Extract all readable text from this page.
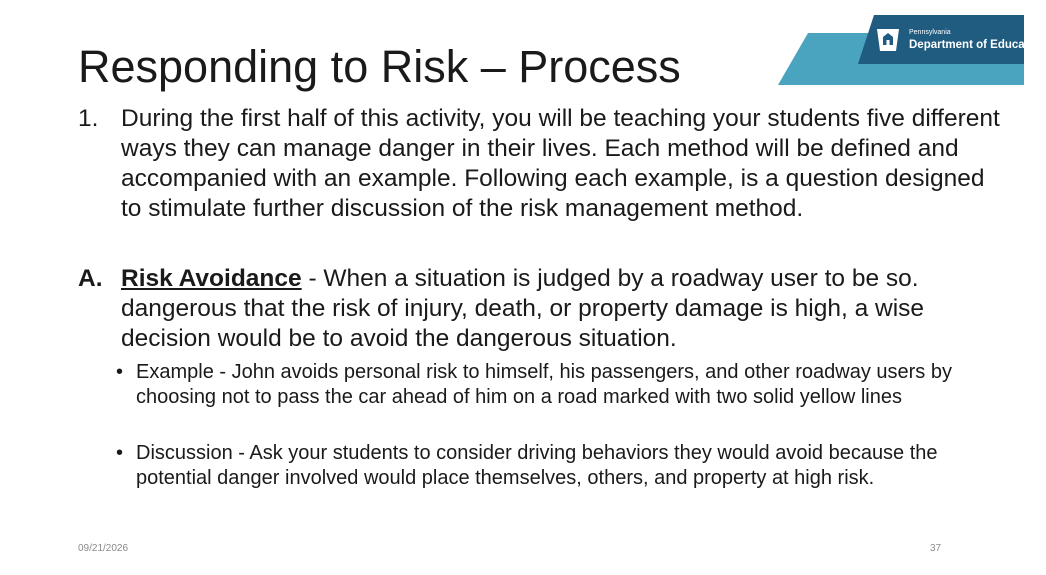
Responding to Risk – Process
Pennsylvania
Department of Education
1. During the first half of this activity, you will be teaching your students five different ways they can manage danger in their lives. Each method will be defined and accompanied with an example. Following each example, is a question designed to stimulate further discussion of the risk management method.
A. Risk Avoidance - When a situation is judged by a roadway user to be so. dangerous that the risk of injury, death, or property damage is high, a wise decision would be to avoid the dangerous situation.
• Example - John avoids personal risk to himself, his passengers, and other roadway users by choosing not to pass the car ahead of him on a road marked with two solid yellow lines
• Discussion - Ask your students to consider driving behaviors they would avoid because the potential danger involved would place themselves, others, and property at high risk.
09/21/2026	37
